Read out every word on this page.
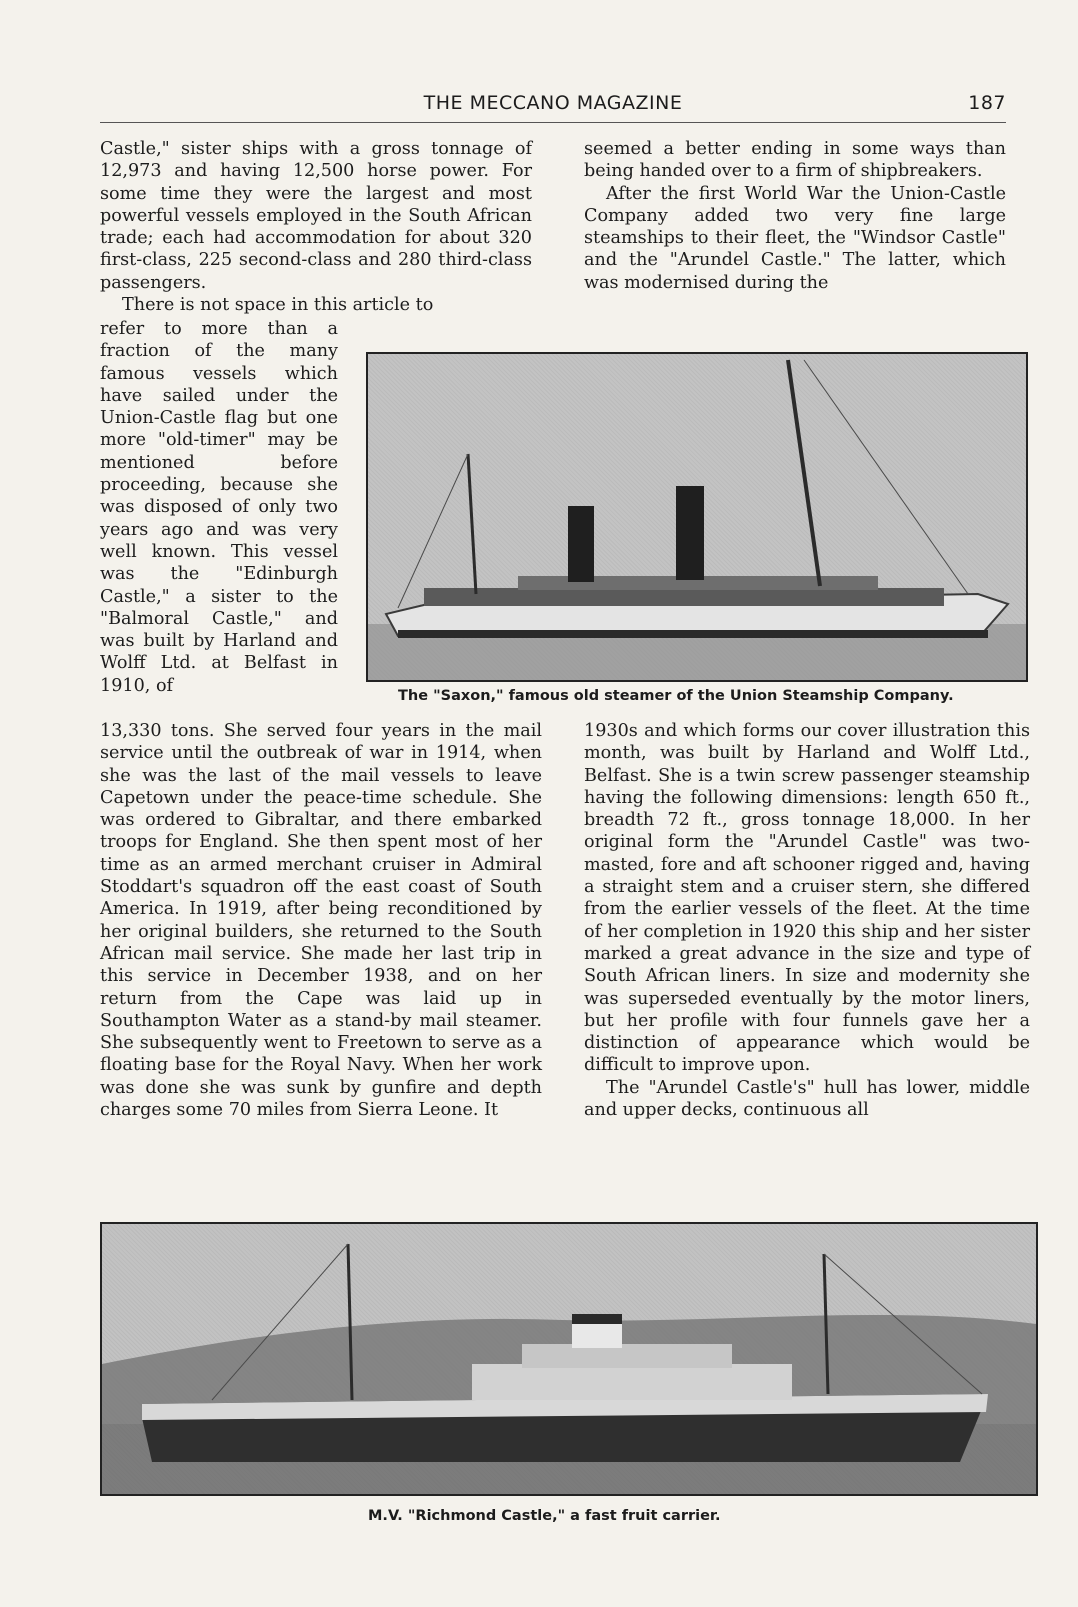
THE MECCANO MAGAZINE	187

Castle," sister ships with a gross tonnage of 12,973 and having 12,500 horse power. For some time they were the largest and most powerful vessels employed in the South African trade; each had accommodation for about 320 first-class, 225 second-class and 280 third-class passengers.

There is not space in this article to

refer to more than a fraction of the many famous vessels which have sailed under the Union-Castle flag but one more "old-timer" may be mentioned before proceeding, because she was disposed of only two years ago and was very well known. This vessel was the "Edinburgh Castle," a sister to the "Balmoral Castle," and was built by Harland and Wolff Ltd. at Belfast in 1910, of

seemed a better ending in some ways than being handed over to a firm of shipbreakers.

After the first World War the Union-Castle Company added two very fine large steamships to their fleet, the "Windsor Castle" and the "Arundel Castle." The latter, which was modernised during the

The "Saxon," famous old steamer of the Union Steamship Company.

13,330 tons. She served four years in the mail service until the outbreak of war in 1914, when she was the last of the mail vessels to leave Capetown under the peace-time schedule. She was ordered to Gibraltar, and there embarked troops for England. She then spent most of her time as an armed merchant cruiser in Admiral Stoddart's squadron off the east coast of South America. In 1919, after being reconditioned by her original builders, she returned to the South African mail service. She made her last trip in this service in December 1938, and on her return from the Cape was laid up in Southampton Water as a stand-by mail steamer. She subsequently went to Freetown to serve as a floating base for the Royal Navy. When her work was done she was sunk by gunfire and depth charges some 70 miles from Sierra Leone. It

1930s and which forms our cover illustration this month, was built by Harland and Wolff Ltd., Belfast. She is a twin screw passenger steamship having the following dimensions: length 650 ft., breadth 72 ft., gross tonnage 18,000. In her original form the "Arundel Castle" was two-masted, fore and aft schooner rigged and, having a straight stem and a cruiser stern, she differed from the earlier vessels of the fleet. At the time of her completion in 1920 this ship and her sister marked a great advance in the size and type of South African liners. In size and modernity she was superseded eventually by the motor liners, but her profile with four funnels gave her a distinction of appearance which would be difficult to improve upon.

The "Arundel Castle's" hull has lower, middle and upper decks, continuous all

M.V. "Richmond Castle," a fast fruit carrier.
